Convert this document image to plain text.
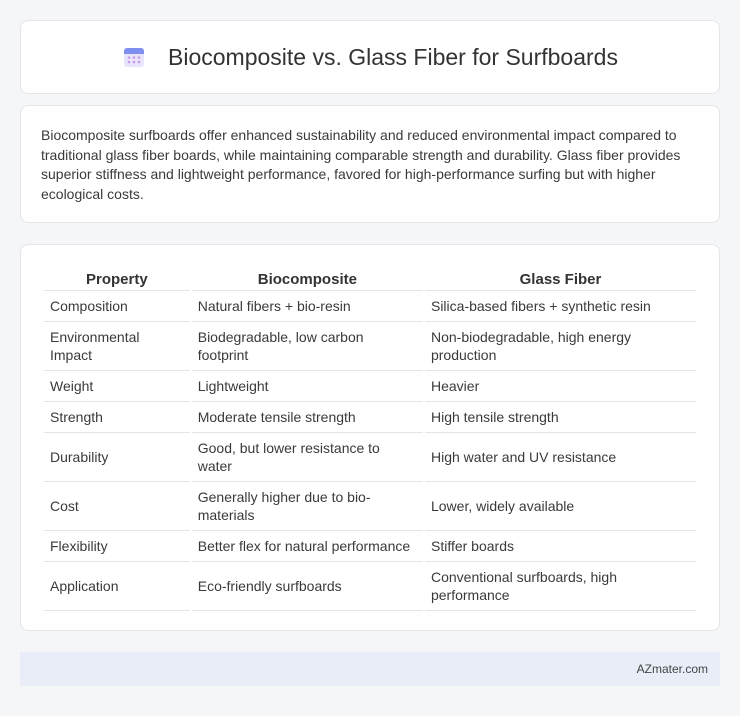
Biocomposite vs. Glass Fiber for Surfboards

Biocomposite surfboards offer enhanced sustainability and reduced environmental impact compared to traditional glass fiber boards, while maintaining comparable strength and durability. Glass fiber provides superior stiffness and lightweight performance, favored for high-performance surfing but with higher ecological costs.

Property	Biocomposite	Glass Fiber
Composition	Natural fibers + bio-resin	Silica-based fibers + synthetic resin
Environmental Impact	Biodegradable, low carbon footprint	Non-biodegradable, high energy production
Weight	Lightweight	Heavier
Strength	Moderate tensile strength	High tensile strength
Durability	Good, but lower resistance to water	High water and UV resistance
Cost	Generally higher due to bio-materials	Lower, widely available
Flexibility	Better flex for natural performance	Stiffer boards
Application	Eco-friendly surfboards	Conventional surfboards, high performance
AZmater.com
